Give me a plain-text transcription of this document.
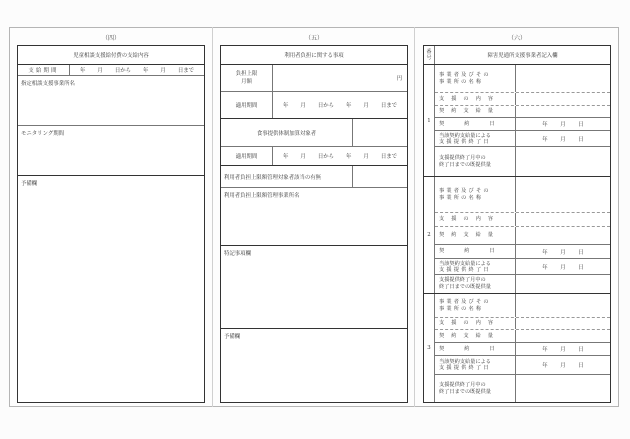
（四）
児童相談支援給付費の支給内容
支給期間	年 月 日から 年 月 日まで
指定相談支援事業所名
モニタリング期間
予備欄
（五）
利用者負担に関する事項
負担上限
月額	円
適用期間	年 月 日から 年 月 日まで
食事提供体制加算対象者
適用期間	年 月 日から 年 月 日まで
利用者負担上限額管理対象者該当の有無
利用者負担上限額管理事業所名
特記事項欄
予備欄
（六）
番
号	障害児通所支援事業者記入欄
1
事業者及びその
事業所の名称
支援の内容
契約支給量
契約日	年 月 日
当該契約支給量による
支援提供終了日	年 月 日
支援提供終了月中の
終了日までの既提供量
2
事業者及びその
事業所の名称
支援の内容
契約支給量
契約日	年 月 日
当該契約支給量による
支援提供終了日	年 月 日
支援提供終了月中の
終了日までの既提供量
3
事業者及びその
事業所の名称
支援の内容
契約支給量
契約日	年 月 日
当該契約支給量による
支援提供終了日	年 月 日
支援提供終了月中の
終了日までの既提供量
